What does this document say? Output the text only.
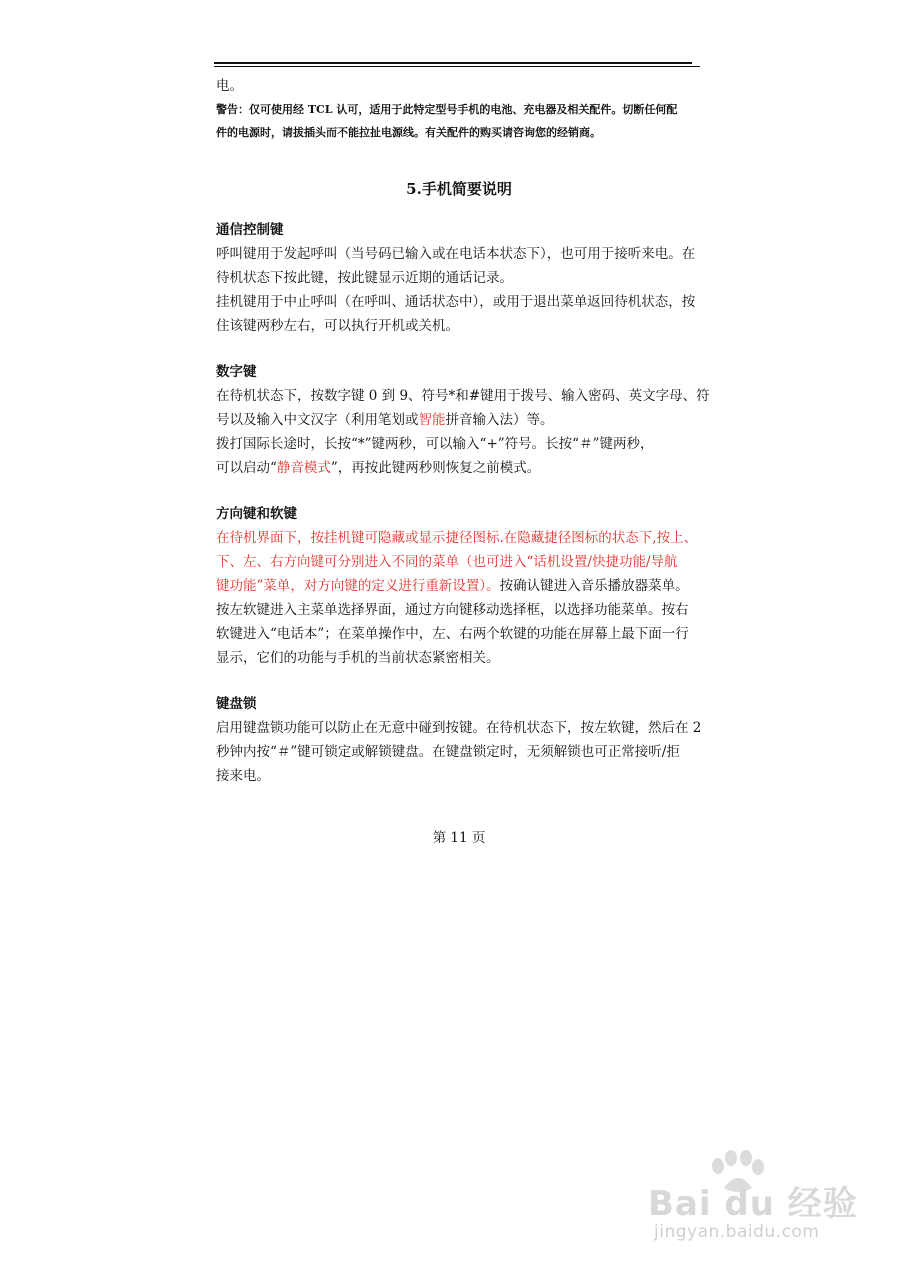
电。
警告：仅可使用经 TCL 认可，适用于此特定型号手机的电池、充电器及相关配件。切断任何配
件的电源时，请拔插头而不能拉扯电源线。有关配件的购买请咨询您的经销商。
5.手机简要说明
通信控制键
呼叫键用于发起呼叫（当号码已输入或在电话本状态下），也可用于接听来电。在
待机状态下按此键，按此键显示近期的通话记录。
挂机键用于中止呼叫（在呼叫、通话状态中），或用于退出菜单返回待机状态，按
住该键两秒左右，可以执行开机或关机。
数字键
在待机状态下，按数字键 0 到 9、符号*和#键用于拨号、输入密码、英文字母、符
号以及输入中文汉字（利用笔划或智能拼音输入法）等。
拨打国际长途时，长按“*”键两秒，可以输入“+”符号。长按“＃”键两秒，
可以启动“静音模式”，再按此键两秒则恢复之前模式。
方向键和软键
在待机界面下，按挂机键可隐藏或显示捷径图标.在隐藏捷径图标的状态下,按上、
下、左、右方向键可分别进入不同的菜单（也可进入“话机设置/快捷功能/导航
键功能”菜单，对方向键的定义进行重新设置）。按确认键进入音乐播放器菜单。
按左软键进入主菜单选择界面，通过方向键移动选择框，以选择功能菜单。按右
软键进入“电话本”；在菜单操作中，左、右两个软键的功能在屏幕上最下面一行
显示，它们的功能与手机的当前状态紧密相关。
键盘锁
启用键盘锁功能可以防止在无意中碰到按键。在待机状态下，按左软键，然后在 2
秒钟内按“＃”键可锁定或解锁键盘。在键盘锁定时，无须解锁也可正常接听/拒
接来电。
第 11 页
Bai du 经验
jingyan.baidu.com
